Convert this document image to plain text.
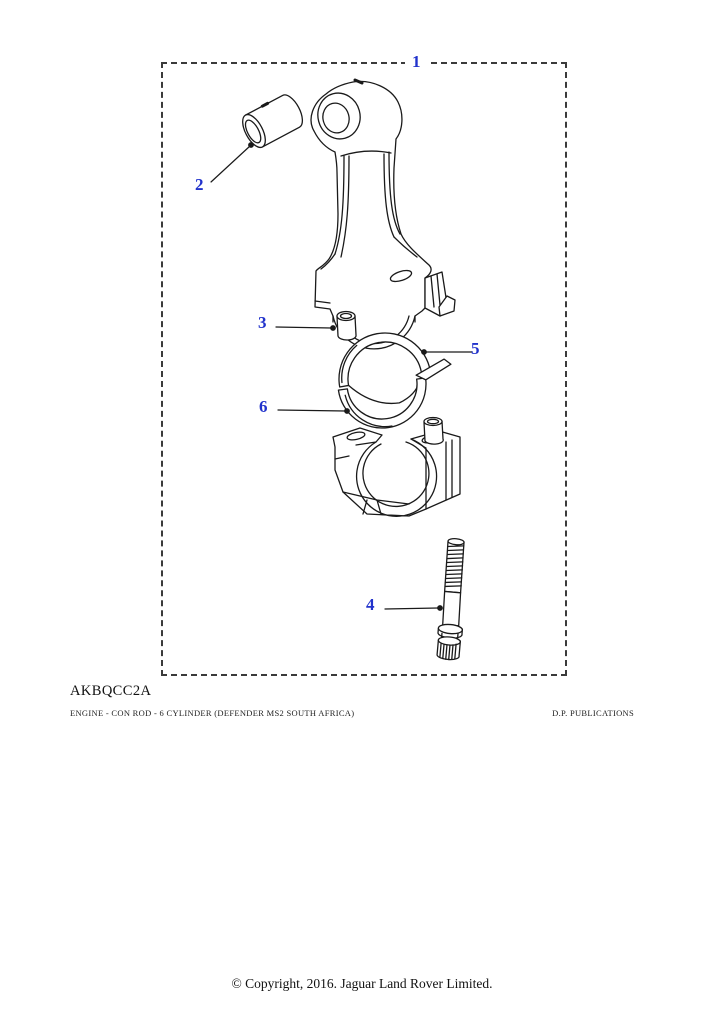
1
2
3
5
6
4
AKBQCC2A
ENGINE - CON ROD - 6 CYLINDER (DEFENDER MS2 SOUTH AFRICA)	D.P. PUBLICATIONS
© Copyright, 2016. Jaguar Land Rover Limited.
